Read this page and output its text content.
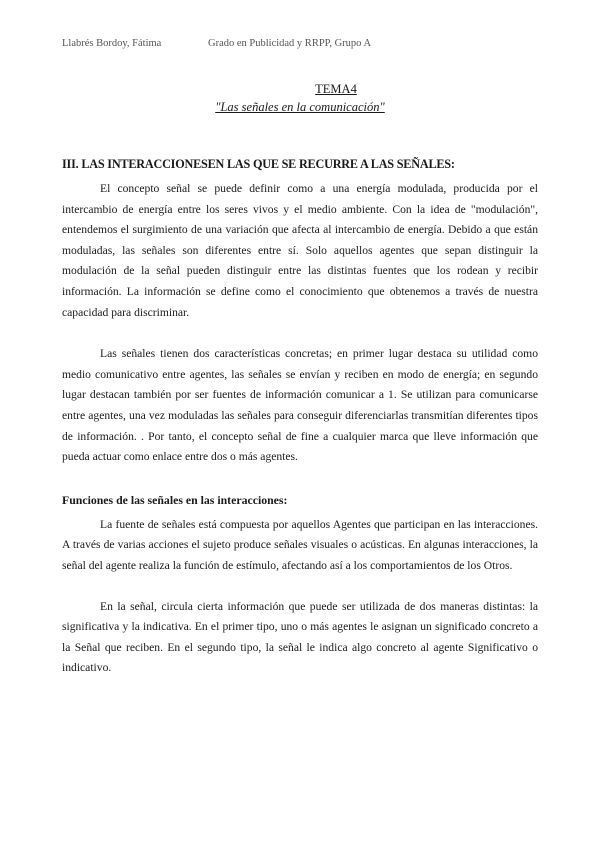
Llabrés Bordoy, Fátima	Grado en Publicidad y RRPP, Grupo A
TEMA4
"Las señales en la comunicación"
III. LAS INTERACCIONESEN LAS QUE SE RECURRE A LAS SEÑALES:

El concepto señal se puede definir como a una energía modulada, producida por el intercambio de energía entre los seres vivos y el medio ambiente. Con la idea de "modulación", entendemos el surgimiento de una variación que afecta al intercambio de energía. Debido a que están moduladas, las señales son diferentes entre sí. Solo aquellos agentes que sepan distinguir la modulación de la señal pueden distinguir entre las distintas fuentes que los rodean y recibir información. La información se define como el conocimiento que obtenemos a través de nuestra capacidad para discriminar.

Las señales tienen dos características concretas; en primer lugar destaca su utilidad como medio comunicativo entre agentes, las señales se envían y reciben en modo de energía; en segundo lugar destacan también por ser fuentes de información comunicar a 1. Se utilizan para comunicarse entre agentes, una vez moduladas las señales para conseguir diferenciarlas transmitían diferentes tipos de información. . Por tanto, el concepto señal de fine a cualquier marca que lleve información que pueda actuar como enlace entre dos o más agentes.

Funciones de las señales en las interacciones:

La fuente de señales está compuesta por aquellos Agentes que participan en las interacciones. A través de varias acciones el sujeto produce señales visuales o acústicas. En algunas interacciones, la señal del agente realiza la función de estímulo, afectando así a los comportamientos de los Otros.

En la señal, circula cierta información que puede ser utilizada de dos maneras distintas: la significativa y la indicativa. En el primer tipo, uno o más agentes le asignan un significado concreto a la Señal que reciben. En el segundo tipo, la señal le indica algo concreto al agente Significativo o indicativo.
